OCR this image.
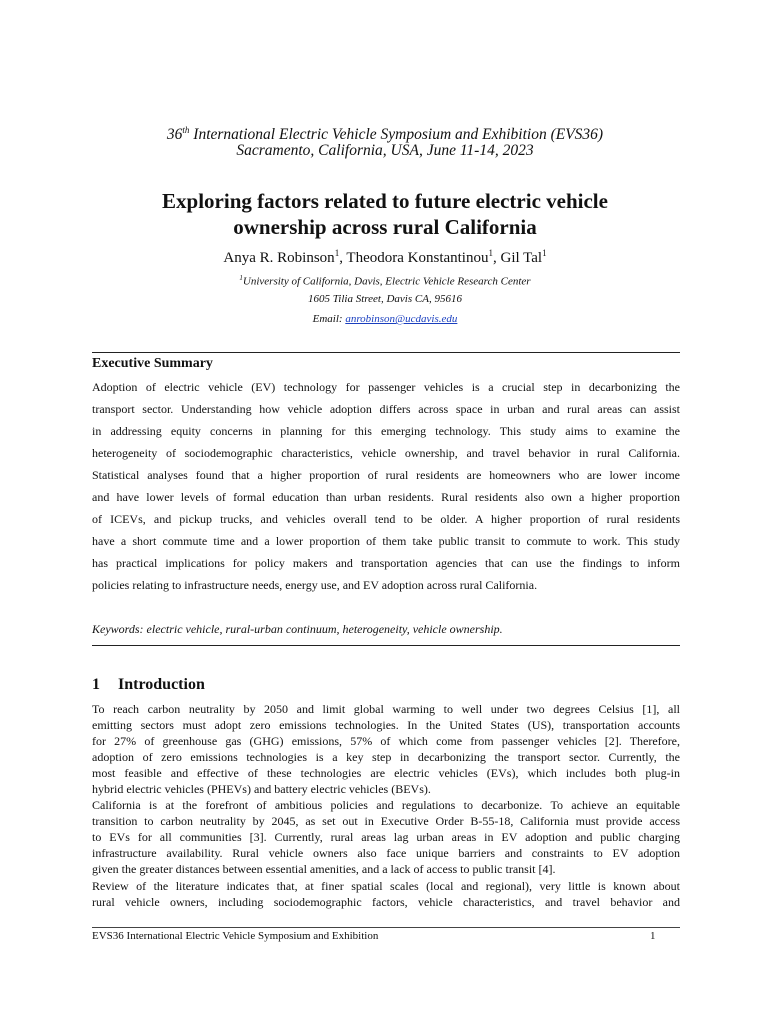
36th International Electric Vehicle Symposium and Exhibition (EVS36)
Sacramento, California, USA, June 11-14, 2023
Exploring factors related to future electric vehicle
ownership across rural California
Anya R. Robinson$^1$, Theodora Konstantinou$^1$, Gil Tal$^1$
$^1$University of California, Davis, Electric Vehicle Research Center
1605 Tilia Street, Davis CA, 95616
Email: anrobinson@ucdavis.edu
Executive Summary
Adoption of electric vehicle (EV) technology for passenger vehicles is a crucial step in decarbonizing the
transport sector. Understanding how vehicle adoption differs across space in urban and rural areas can assist
in addressing equity concerns in planning for this emerging technology. This study aims to examine the
heterogeneity of sociodemographic characteristics, vehicle ownership, and travel behavior in rural California.
Statistical analyses found that a higher proportion of rural residents are homeowners who are lower income
and have lower levels of formal education than urban residents. Rural residents also own a higher proportion
of ICEVs, and pickup trucks, and vehicles overall tend to be older. A higher proportion of rural residents
have a short commute time and a lower proportion of them take public transit to commute to work. This study
has practical implications for policy makers and transportation agencies that can use the findings to inform
policies relating to infrastructure needs, energy use, and EV adoption across rural California.
Keywords: electric vehicle, rural-urban continuum, heterogeneity, vehicle ownership.
1 Introduction
To reach carbon neutrality by 2050 and limit global warming to well under two degrees Celsius [1], all
emitting sectors must adopt zero emissions technologies. In the United States (US), transportation accounts
for 27% of greenhouse gas (GHG) emissions, 57% of which come from passenger vehicles [2]. Therefore,
adoption of zero emissions technologies is a key step in decarbonizing the transport sector. Currently, the
most feasible and effective of these technologies are electric vehicles (EVs), which includes both plug-in
hybrid electric vehicles (PHEVs) and battery electric vehicles (BEVs).
California is at the forefront of ambitious policies and regulations to decarbonize. To achieve an equitable
transition to carbon neutrality by 2045, as set out in Executive Order B-55-18, California must provide access
to EVs for all communities [3]. Currently, rural areas lag urban areas in EV adoption and public charging
infrastructure availability. Rural vehicle owners also face unique barriers and constraints to EV adoption
given the greater distances between essential amenities, and a lack of access to public transit [4].
Review of the literature indicates that, at finer spatial scales (local and regional), very little is known about
rural vehicle owners, including sociodemographic factors, vehicle characteristics, and travel behavior and
EVS36 International Electric Vehicle Symposium and Exhibition	1
